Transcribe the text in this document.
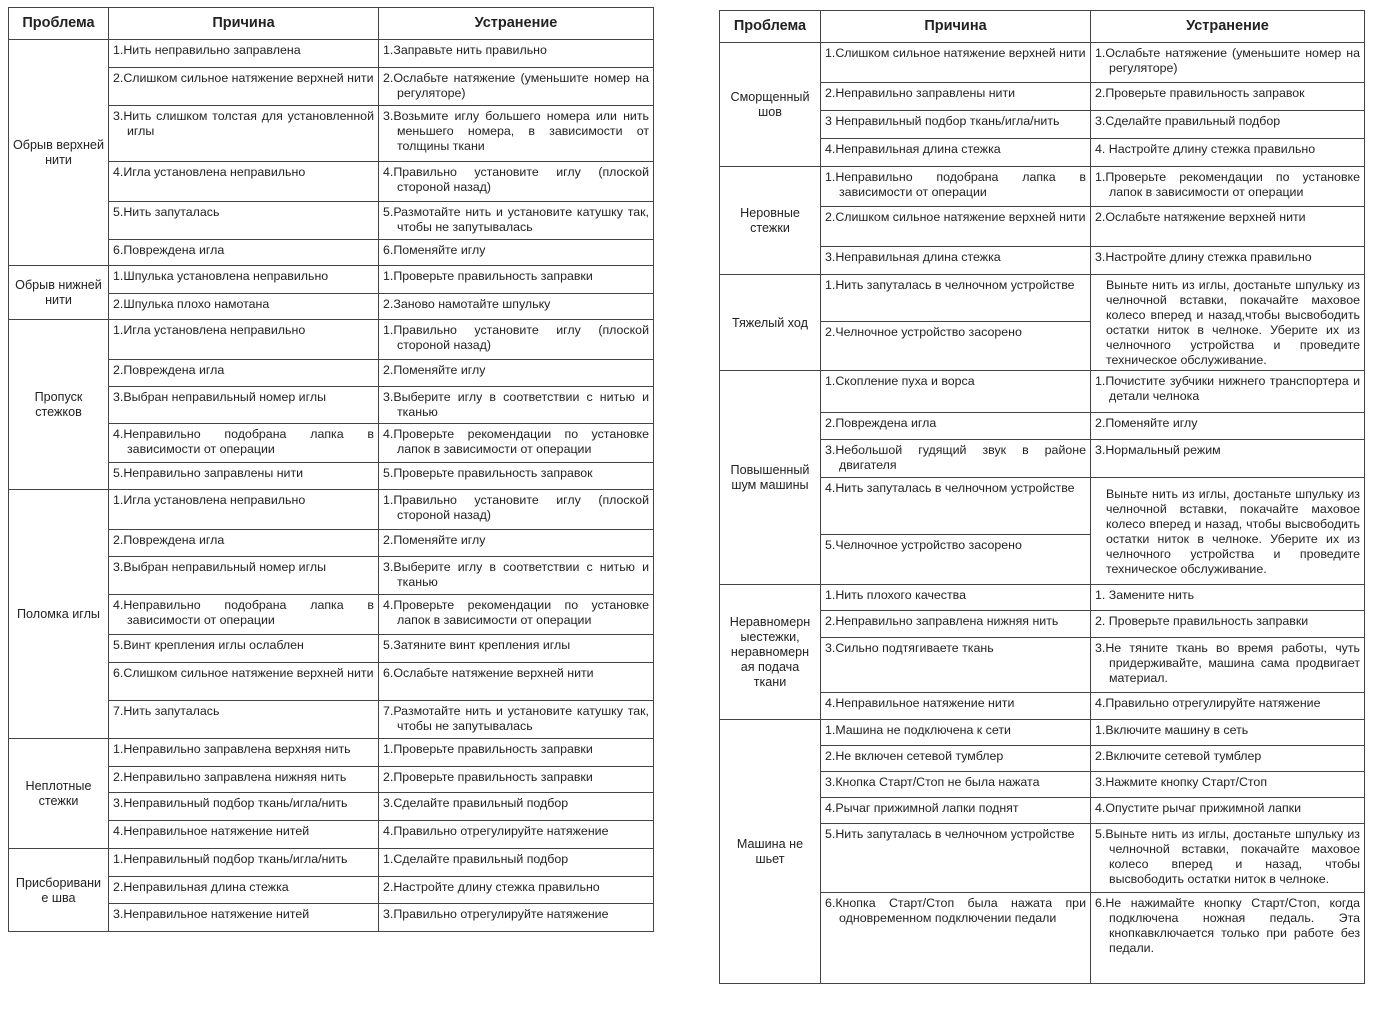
Проблема	Причина	Устранение
Обрыв верхней нити	1.Нить неправильно заправлена	1.Заправьте нить правильно
	2.Слишком сильное натяжение верхней нити	2.Ослабьте натяжение (уменьшите номер на регуляторе)
	3.Нить слишком толстая для установленной иглы	3.Возьмите иглу большего номера или нить меньшего номера, в зависимости от толщины ткани
	4.Игла установлена неправильно	4.Правильно установите иглу (плоской стороной назад)
	5.Нить запуталась	5.Размотайте нить и установите катушку так, чтобы не запутывалась
	6.Повреждена игла	6.Поменяйте иглу
Обрыв нижней нити	1.Шпулька установлена неправильно	1.Проверьте правильность заправки
	2.Шпулька плохо намотана	2.Заново намотайте шпульку
Пропуск стежков	1.Игла установлена неправильно	1.Правильно установите иглу (плоской стороной назад)
	2.Повреждена игла	2.Поменяйте иглу
	3.Выбран неправильный номер иглы	3.Выберите иглу в соответствии с нитью и тканью
	4.Неправильно подобрана лапка в зависимости от операции	4.Проверьте рекомендации по установке лапок в зависимости от операции
	5.Неправильно заправлены нити	5.Проверьте правильность заправок
Поломка иглы	1.Игла установлена неправильно	1.Правильно установите иглу (плоской стороной назад)
	2.Повреждена игла	2.Поменяйте иглу
	3.Выбран неправильный номер иглы	3.Выберите иглу в соответствии с нитью и тканью
	4.Неправильно подобрана лапка в зависимости от операции	4.Проверьте рекомендации по установке лапок в зависимости от операции
	5.Винт крепления иглы ослаблен	5.Затяните винт крепления иглы
	6.Слишком сильное натяжение верхней нити	6.Ослабьте натяжение верхней нити
	7.Нить запуталась	7.Размотайте нить и установите катушку так, чтобы не запутывалась
Неплотные стежки	1.Неправильно заправлена верхняя нить	1.Проверьте правильность заправки
	2.Неправильно заправлена нижняя нить	2.Проверьте правильность заправки
	3.Неправильный подбор ткань/игла/нить	3.Сделайте правильный подбор
	4.Неправильное натяжение нитей	4.Правильно отрегулируйте натяжение
Присборивани е шва	1.Неправильный подбор ткань/игла/нить	1.Сделайте правильный подбор
	2.Неправильная длина стежка	2.Настройте длину стежка правильно
	3.Неправильное натяжение нитей	3.Правильно отрегулируйте натяжение
Проблема	Причина	Устранение
Сморщенный шов	1.Слишком сильное натяжение верхней нити	1.Ослабьте натяжение (уменьшите номер на регуляторе)
	2.Неправильно заправлены нити	2.Проверьте правильность заправок
	3 Неправильный подбор ткань/игла/нить	3.Сделайте правильный подбор
	4.Неправильная длина стежка	4. Настройте длину стежка правильно
Неровные стежки	1.Неправильно подобрана лапка в зависимости от операции	1.Проверьте рекомендации по установке лапок в зависимости от операции
	2.Слишком сильное натяжение верхней нити	2.Ослабьте натяжение верхней нити
	3.Неправильная длина стежка	3.Настройте длину стежка правильно
Тяжелый ход	1.Нить запуталась в челночном устройстве	Выньте нить из иглы, достаньте шпульку из челночной вставки, покачайте маховое колесо вперед и назад,чтобы высвободить остатки ниток в челноке. Уберите их из челночного устройства и проведите техническое обслуживание.
	2.Челночное устройство засорено	
Повышенный шум машины	1.Скопление пуха и ворса	1.Почистите зубчики нижнего транспортера и детали челнока
	2.Повреждена игла	2.Поменяйте иглу
	3.Небольшой гудящий звук в районе двигателя	3.Нормальный режим
	4.Нить запуталась в челночном устройстве	Выньте нить из иглы, достаньте шпульку из челночной вставки, покачайте маховое колесо вперед и назад, чтобы высвободить остатки ниток в челноке. Уберите их из челночного устройства и проведите техническое обслуживание.
	5.Челночное устройство засорено	
Неравномерн ыестежки, неравномерн ая подача ткани	1.Нить плохого качества	1. Замените нить
	2.Неправильно заправлена нижняя нить	2. Проверьте правильность заправки
	3.Сильно подтягиваете ткань	3.Не тяните ткань во время работы, чуть придерживайте, машина сама продвигает материал.
	4.Неправильное натяжение нити	4.Правильно отрегулируйте натяжение
Машина не шьет	1.Машина не подключена к сети	1.Включите машину в сеть
	2.Не включен сетевой тумблер	2.Включите сетевой тумблер
	3.Кнопка Старт/Стоп не была нажата	3.Нажмите кнопку Старт/Стоп
	4.Рычаг прижимной лапки поднят	4.Опустите рычаг прижимной лапки
	5.Нить запуталась в челночном устройстве	5.Выньте нить из иглы, достаньте шпульку из челночной вставки, покачайте маховое колесо вперед и назад, чтобы высвободить остатки ниток в челноке.
	6.Кнопка Старт/Стоп была нажата при одновременном подключении педали	6.Не нажимайте кнопку Старт/Стоп, когда подключена ножная педаль. Эта кнопкавключается только при работе без педали.
